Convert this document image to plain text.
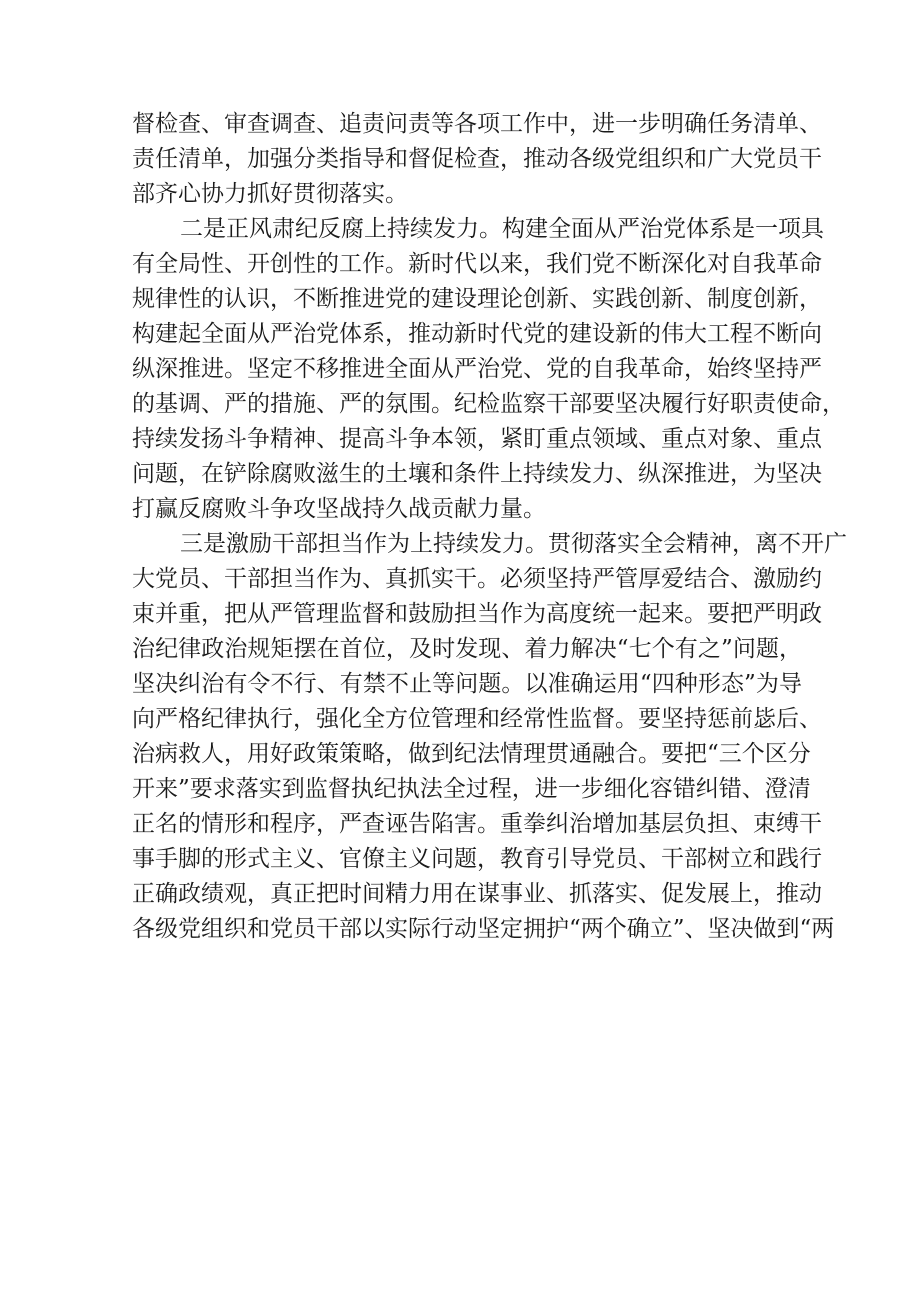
督检查、审查调查、追责问责等各项工作中，进一步明确任务清单、
责任清单，加强分类指导和督促检查，推动各级党组织和广大党员干
部齐心协力抓好贯彻落实。
二是正风肃纪反腐上持续发力。构建全面从严治党体系是一项具
有全局性、开创性的工作。新时代以来，我们党不断深化对自我革命
规律性的认识，不断推进党的建设理论创新、实践创新、制度创新，
构建起全面从严治党体系，推动新时代党的建设新的伟大工程不断向
纵深推进。坚定不移推进全面从严治党、党的自我革命，始终坚持严
的基调、严的措施、严的氛围。纪检监察干部要坚决履行好职责使命，
持续发扬斗争精神、提高斗争本领，紧盯重点领域、重点对象、重点
问题，在铲除腐败滋生的土壤和条件上持续发力、纵深推进，为坚决
打赢反腐败斗争攻坚战持久战贡献力量。
三是激励干部担当作为上持续发力。贯彻落实全会精神，离不开广
大党员、干部担当作为、真抓实干。必须坚持严管厚爱结合、激励约
束并重，把从严管理监督和鼓励担当作为高度统一起来。要把严明政
治纪律政治规矩摆在首位，及时发现、着力解决“七个有之”问题，
坚决纠治有令不行、有禁不止等问题。以准确运用“四种形态”为导
向严格纪律执行，强化全方位管理和经常性监督。要坚持惩前毖后、
治病救人，用好政策策略，做到纪法情理贯通融合。要把“三个区分
开来”要求落实到监督执纪执法全过程，进一步细化容错纠错、澄清
正名的情形和程序，严查诬告陷害。重拳纠治增加基层负担、束缚干
事手脚的形式主义、官僚主义问题，教育引导党员、干部树立和践行
正确政绩观，真正把时间精力用在谋事业、抓落实、促发展上，推动
各级党组织和党员干部以实际行动坚定拥护“两个确立”、坚决做到“两
